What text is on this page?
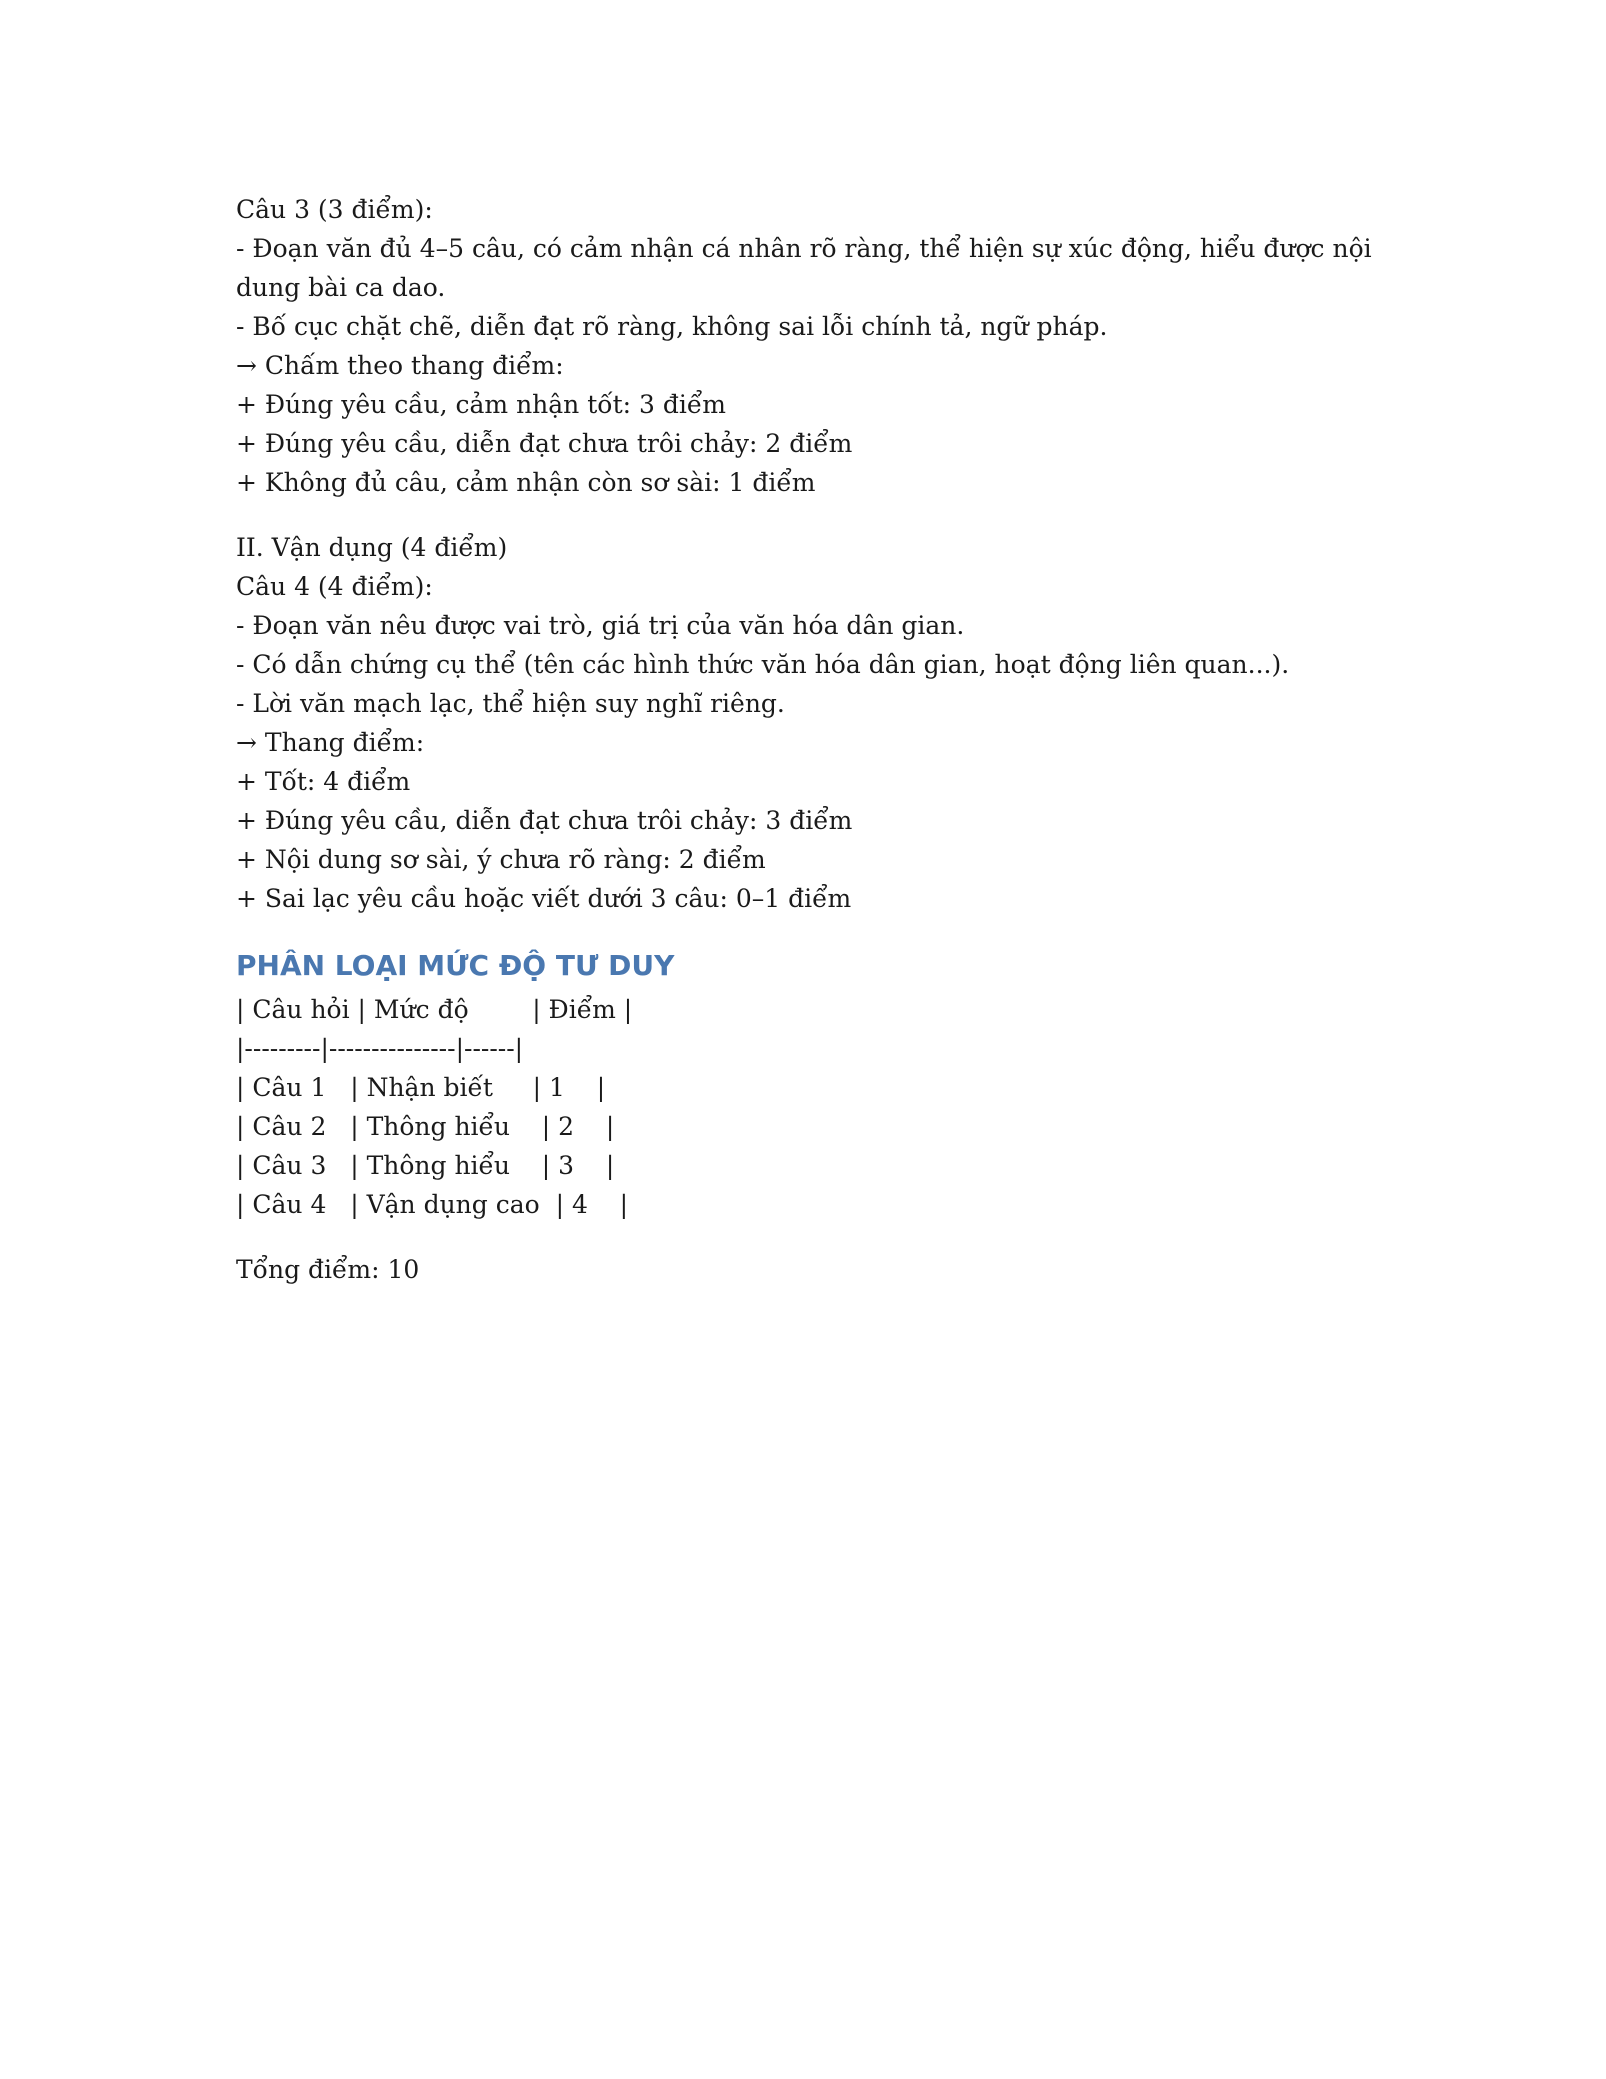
Câu 3 (3 điểm):
- Đoạn văn đủ 4–5 câu, có cảm nhận cá nhân rõ ràng, thể hiện sự xúc động, hiểu được nội dung bài ca dao.
- Bố cục chặt chẽ, diễn đạt rõ ràng, không sai lỗi chính tả, ngữ pháp.
→ Chấm theo thang điểm:
+ Đúng yêu cầu, cảm nhận tốt: 3 điểm
+ Đúng yêu cầu, diễn đạt chưa trôi chảy: 2 điểm
+ Không đủ câu, cảm nhận còn sơ sài: 1 điểm
II. Vận dụng (4 điểm)
Câu 4 (4 điểm):
- Đoạn văn nêu được vai trò, giá trị của văn hóa dân gian.
- Có dẫn chứng cụ thể (tên các hình thức văn hóa dân gian, hoạt động liên quan...).
- Lời văn mạch lạc, thể hiện suy nghĩ riêng.
→ Thang điểm:
+ Tốt: 4 điểm
+ Đúng yêu cầu, diễn đạt chưa trôi chảy: 3 điểm
+ Nội dung sơ sài, ý chưa rõ ràng: 2 điểm
+ Sai lạc yêu cầu hoặc viết dưới 3 câu: 0–1 điểm
PHÂN LOẠI MỨC ĐỘ TƯ DUY
| Câu hỏi | Mức độ        | Điểm |
|---------|---------------|------|
| Câu 1   | Nhận biết     | 1    |
| Câu 2   | Thông hiểu    | 2    |
| Câu 3   | Thông hiểu    | 3    |
| Câu 4   | Vận dụng cao  | 4    |
Tổng điểm: 10
